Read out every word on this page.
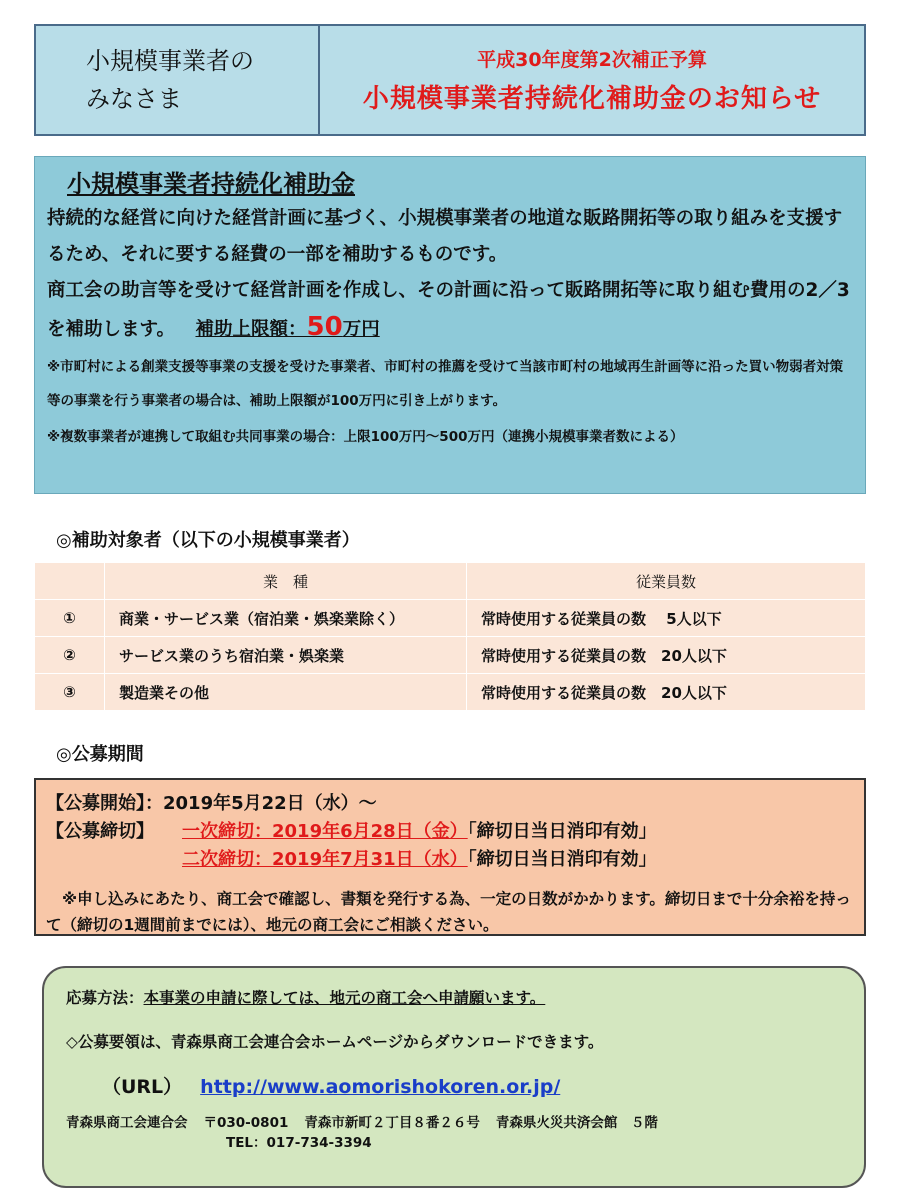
小規模事業者の
みなさま
平成30年度第2次補正予算
小規模事業者持続化補助金のお知らせ
小規模事業者持続化補助金
持続的な経営に向けた経営計画に基づく、小規模事業者の地道な販路開拓等の取り組みを支援するため、それに要する経費の一部を補助するものです。
商工会の助言等を受けて経営計画を作成し、その計画に沿って販路開拓等に取り組む費用の2／3を補助します。 補助上限額：50万円
※市町村による創業支援等事業の支援を受けた事業者、市町村の推薦を受けて当該市町村の地域再生計画等に沿った買い物弱者対策等の事業を行う事業者の場合は、補助上限額が100万円に引き上がります。
※複数事業者が連携して取組む共同事業の場合：上限100万円～500万円（連携小規模事業者数による）
◎補助対象者（以下の小規模事業者）
	業　種	従業員数
①	商業・サービス業（宿泊業・娯楽業除く）	常時使用する従業員の数　 5人以下
②	サービス業のうち宿泊業・娯楽業	常時使用する従業員の数　20人以下
③	製造業その他	常時使用する従業員の数　20人以下
◎公募期間
【公募開始】：2019年5月22日（水）～
【公募締切】 一次締切：2019年6月28日（金）「締切日当日消印有効」
二次締切：2019年7月31日（水）「締切日当日消印有効」
※申し込みにあたり、商工会で確認し、書類を発行する為、一定の日数がかかります。締切日まで十分余裕を持って（締切の1週間前までには）、地元の商工会にご相談ください。
応募方法：本事業の申請に際しては、地元の商工会へ申請願います。
◇公募要領は、青森県商工会連合会ホームページからダウンロードできます。
（URL） http://www.aomorishokoren.or.jp/
青森県商工会連合会 〒030-0801 青森市新町２丁目８番２６号 青森県火災共済会館　５階
TEL：017-734-3394
